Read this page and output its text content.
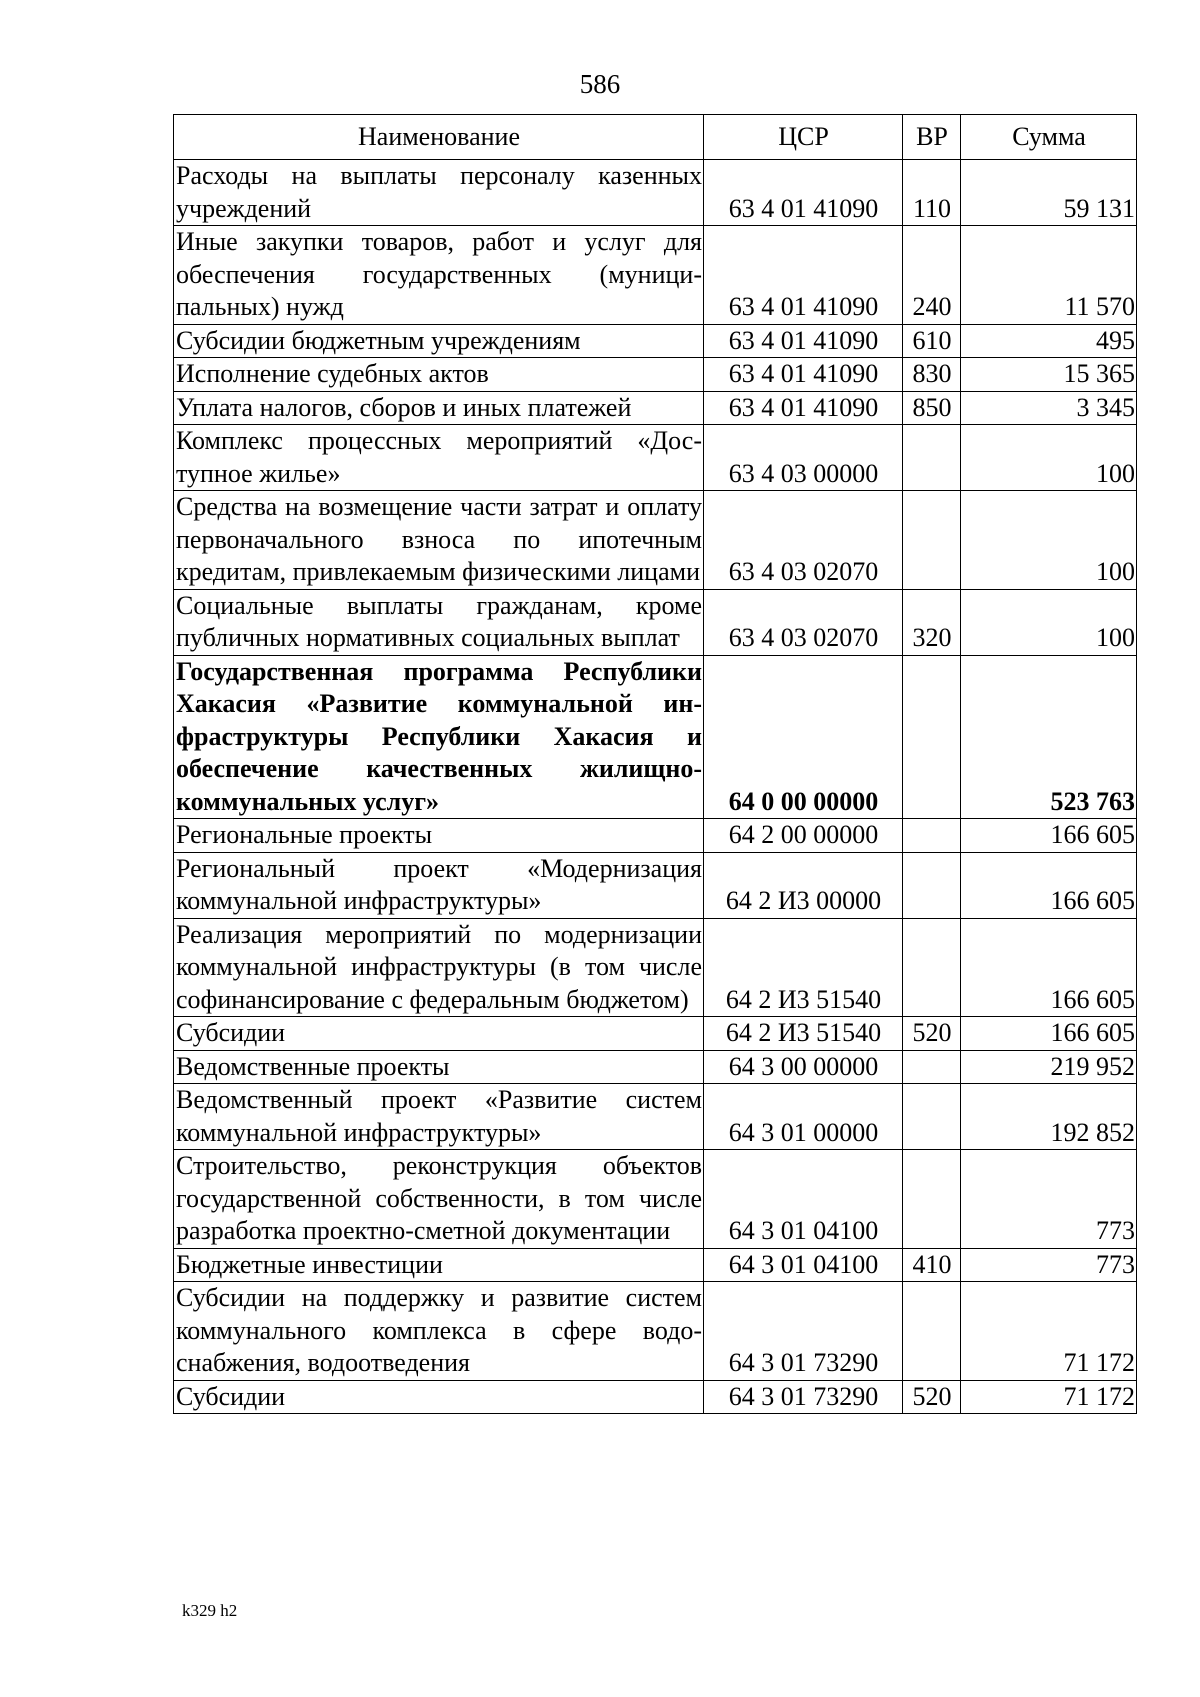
586
Наименование	ЦСР	ВР	Сумма
Расходы на выплаты персоналу казенных учреждений	63 4 01 41090	110	59 131
Иные закупки товаров, работ и услуг для обеспечения государственных (муниципальных) нужд	63 4 01 41090	240	11 570
Субсидии бюджетным учреждениям	63 4 01 41090	610	495
Исполнение судебных актов	63 4 01 41090	830	15 365
Уплата налогов, сборов и иных платежей	63 4 01 41090	850	3 345
Комплекс процессных мероприятий «Доступное жилье»	63 4 03 00000		100
Средства на возмещение части затрат и оплату первоначального взноса по ипотечным кредитам, привлекаемым физическими лицами	63 4 03 02070		100
Социальные выплаты гражданам, кроме публичных нормативных социальных выплат	63 4 03 02070	320	100
Государственная программа Республики Хакасия «Развитие коммунальной инфраструктуры Республики Хакасия и обеспечение качественных жилищно-коммунальных услуг»	64 0 00 00000		523 763
Региональные проекты	64 2 00 00000		166 605
Региональный проект «Модернизация коммунальной инфраструктуры»	64 2 И3 00000		166 605
Реализация мероприятий по модернизации коммунальной инфраструктуры (в том числе софинансирование с федеральным бюджетом)	64 2 И3 51540		166 605
Субсидии	64 2 И3 51540	520	166 605
Ведомственные проекты	64 3 00 00000		219 952
Ведомственный проект «Развитие систем коммунальной инфраструктуры»	64 3 01 00000		192 852
Строительство, реконструкция объектов государственной собственности, в том числе разработка проектно-сметной документации	64 3 01 04100		773
Бюджетные инвестиции	64 3 01 04100	410	773
Субсидии на поддержку и развитие систем коммунального комплекса в сфере водоснабжения, водоотведения	64 3 01 73290		71 172
Субсидии	64 3 01 73290	520	71 172
k329 h2
